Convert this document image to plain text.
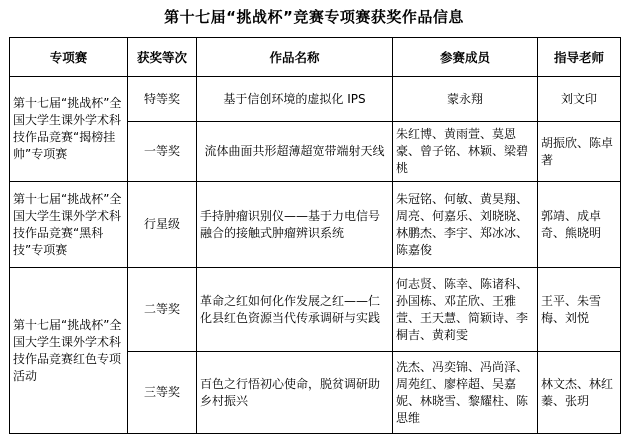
第十七届“挑战杯”竞赛专项赛获奖作品信息
专项赛	获奖等次	作品名称	参赛成员	指导老师
第十七届“挑战杯”全国大学生课外学术科技作品竞赛“揭榜挂帅”专项赛	特等奖	基于信创环境的虚拟化 IPS	蒙永翔	刘文印
	一等奖	流体曲面共形超薄超宽带端射天线	朱红博、黄雨萱、莫恩豪、曾子铭、林颖、梁碧桃	胡振欣、陈卓著
第十七届“挑战杯”全国大学生课外学术科技作品竞赛“黑科技”专项赛	行星级	手持肿瘤识别仪——基于力电信号融合的接触式肿瘤辨识系统	朱冠铭、何敏、黄昊翔、周亮、何嘉乐、刘晓晓、林鹏杰、李宇、郑冰冰、陈嘉俊	郭靖、成卓奇、熊晓明
第十七届“挑战杯”全国大学生课外学术科技作品竞赛红色专项活动	二等奖	革命之红如何化作发展之红——仁化县红色资源当代传承调研与实践	何志贤、陈幸、陈诸科、孙国栋、邓芷欣、王雅萱、王天慧、简颖诗、李桐吉、黄莉雯	王平、朱雪梅、刘悦
	三等奖	百色之行悟初心使命，脱贫调研助乡村振兴	冼杰、冯奕锦、冯尚泽、周苑红、廖梓超、吴嘉妮、林晓雪、黎耀柱、陈思维	林文杰、林红蓁、张玥
